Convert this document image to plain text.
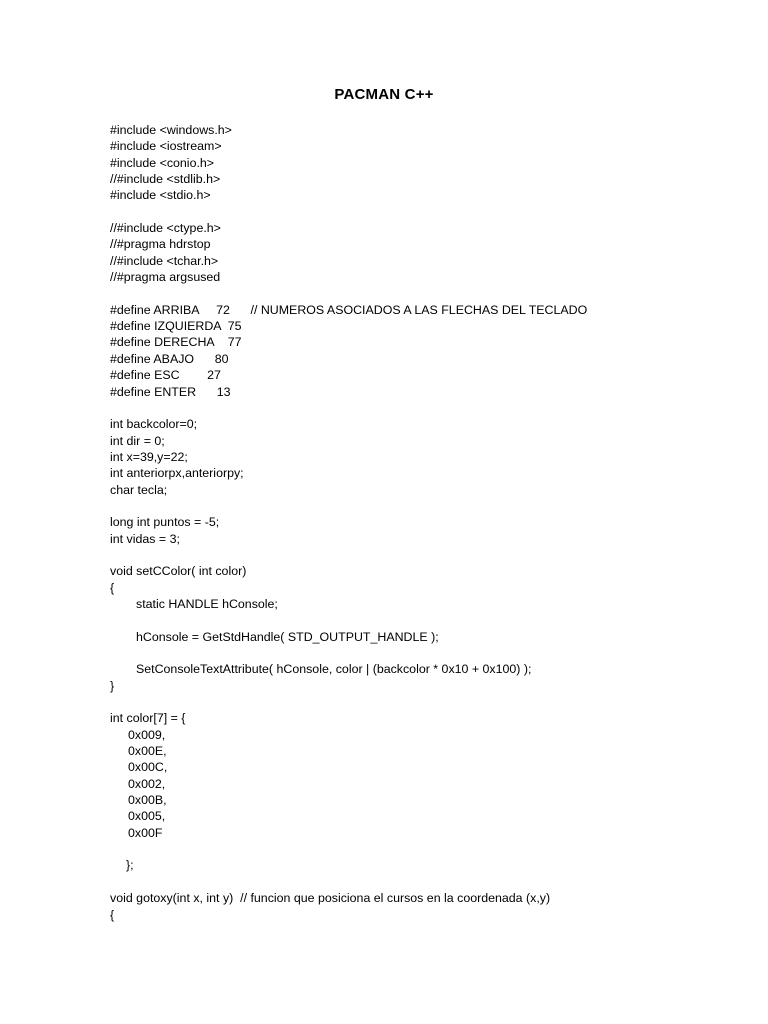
PACMAN C++
#include <windows.h>
#include <iostream>
#include <conio.h>
//#include <stdlib.h>
#include <stdio.h>
//#include <ctype.h>
//#pragma hdrstop
//#include <tchar.h>
//#pragma argsused
#define ARRIBA     72      // NUMEROS ASOCIADOS A LAS FLECHAS DEL TECLADO
#define IZQUIERDA  75
#define DERECHA    77
#define ABAJO      80
#define ESC        27
#define ENTER      13
int backcolor=0;
int dir = 0;
int x=39,y=22;
int anteriorpx,anteriorpy;
char tecla;
long int puntos = -5;
int vidas = 3;
void setCColor( int color)
{
static HANDLE hConsole;
hConsole = GetStdHandle( STD_OUTPUT_HANDLE );
SetConsoleTextAttribute( hConsole, color | (backcolor * 0x10 + 0x100) );
}
int color[7] = {
0x009,
0x00E,
0x00C,
0x002,
0x00B,
0x005,
0x00F
};
void gotoxy(int x, int y)  // funcion que posiciona el cursos en la coordenada (x,y)
{
